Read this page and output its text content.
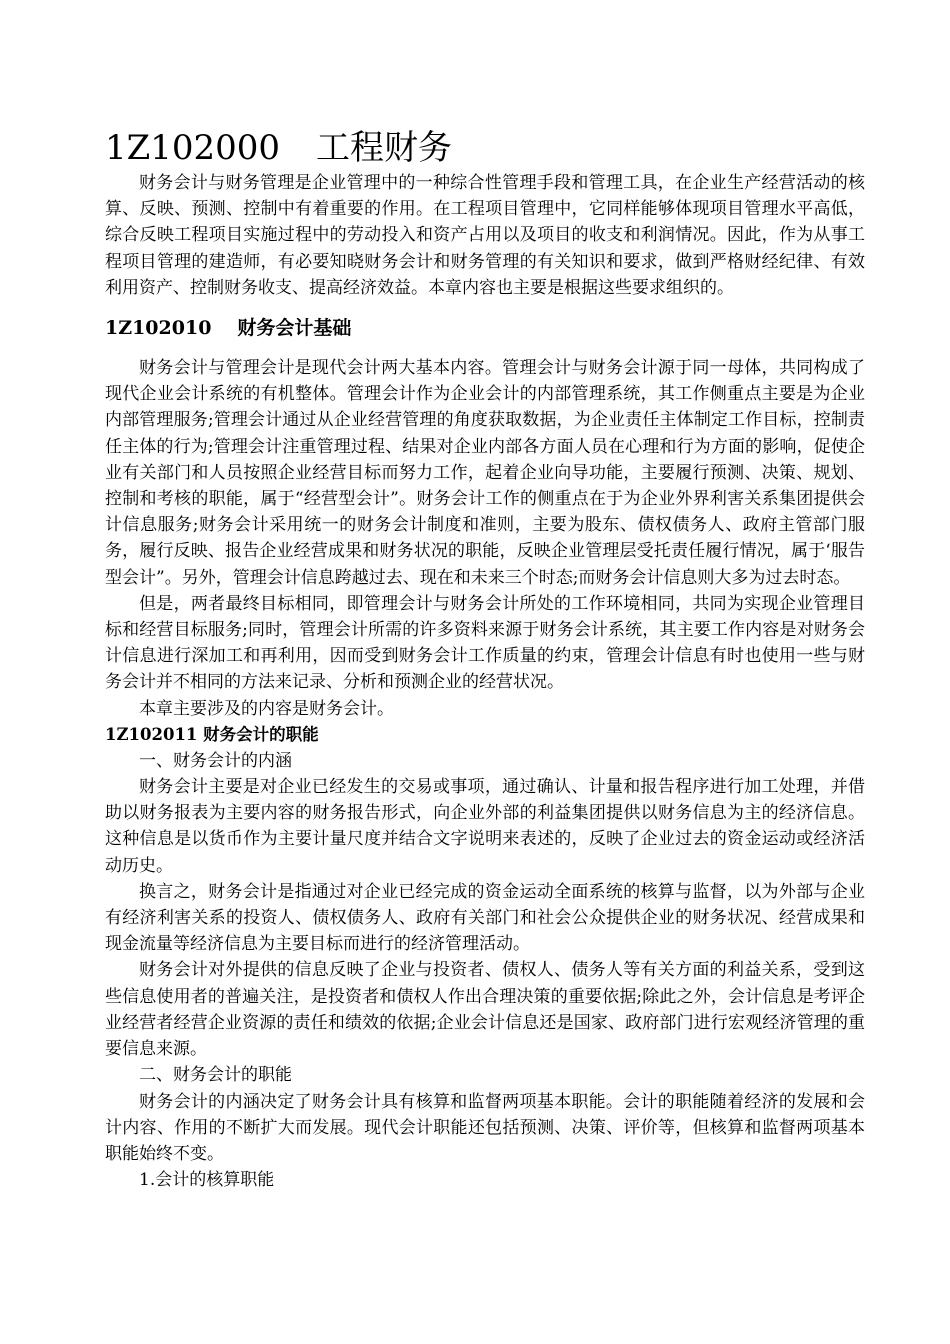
1Z102000 工程财务

财务会计与财务管理是企业管理中的一种综合性管理手段和管理工具，在企业生产经营活动的核算、反映、预测、控制中有着重要的作用。在工程项目管理中，它同样能够体现项目管理水平高低，综合反映工程项目实施过程中的劳动投入和资产占用以及项目的收支和利润情况。因此，作为从事工程项目管理的建造师，有必要知晓财务会计和财务管理的有关知识和要求，做到严格财经纪律、有效利用资产、控制财务收支、提高经济效益。本章内容也主要是根据这些要求组织的。

1Z102010 财务会计基础

财务会计与管理会计是现代会计两大基本内容。管理会计与财务会计源于同一母体，共同构成了现代企业会计系统的有机整体。管理会计作为企业会计的内部管理系统，其工作侧重点主要是为企业内部管理服务;管理会计通过从企业经营管理的角度获取数据，为企业责任主体制定工作目标，控制责任主体的行为;管理会计注重管理过程、结果对企业内部各方面人员在心理和行为方面的影响，促使企业有关部门和人员按照企业经营目标而努力工作，起着企业向导功能，主要履行预测、决策、规划、控制和考核的职能，属于“经营型会计”。财务会计工作的侧重点在于为企业外界利害关系集团提供会计信息服务;财务会计采用统一的财务会计制度和准则，主要为股东、债权债务人、政府主管部门服务，履行反映、报告企业经营成果和财务状况的职能，反映企业管理层受托责任履行情况，属于‘服告型会计”。另外，管理会计信息跨越过去、现在和未来三个时态;而财务会计信息则大多为过去时态。

但是，两者最终目标相同，即管理会计与财务会计所处的工作环境相同，共同为实现企业管理目标和经营目标服务;同时，管理会计所需的许多资料来源于财务会计系统，其主要工作内容是对财务会计信息进行深加工和再利用，因而受到财务会计工作质量的约束，管理会计信息有时也使用一些与财务会计并不相同的方法来记录、分析和预测企业的经营状况。

本章主要涉及的内容是财务会计。

1Z102011 财务会计的职能

一、财务会计的内涵

财务会计主要是对企业已经发生的交易或事项，通过确认、计量和报告程序进行加工处理，并借助以财务报表为主要内容的财务报告形式，向企业外部的利益集团提供以财务信息为主的经济信息。这种信息是以货币作为主要计量尺度并结合文字说明来表述的，反映了企业过去的资金运动或经济活动历史。

换言之，财务会计是指通过对企业已经完成的资金运动全面系统的核算与监督，以为外部与企业有经济利害关系的投资人、债权债务人、政府有关部门和社会公众提供企业的财务状况、经营成果和现金流量等经济信息为主要目标而进行的经济管理活动。

财务会计对外提供的信息反映了企业与投资者、债权人、债务人等有关方面的利益关系，受到这些信息使用者的普遍关注，是投资者和债权人作出合理决策的重要依据;除此之外，会计信息是考评企业经营者经营企业资源的责任和绩效的依据;企业会计信息还是国家、政府部门进行宏观经济管理的重要信息来源。

二、财务会计的职能

财务会计的内涵决定了财务会计具有核算和监督两项基本职能。会计的职能随着经济的发展和会计内容、作用的不断扩大而发展。现代会计职能还包括预测、决策、评价等，但核算和监督两项基本职能始终不变。

1.会计的核算职能
